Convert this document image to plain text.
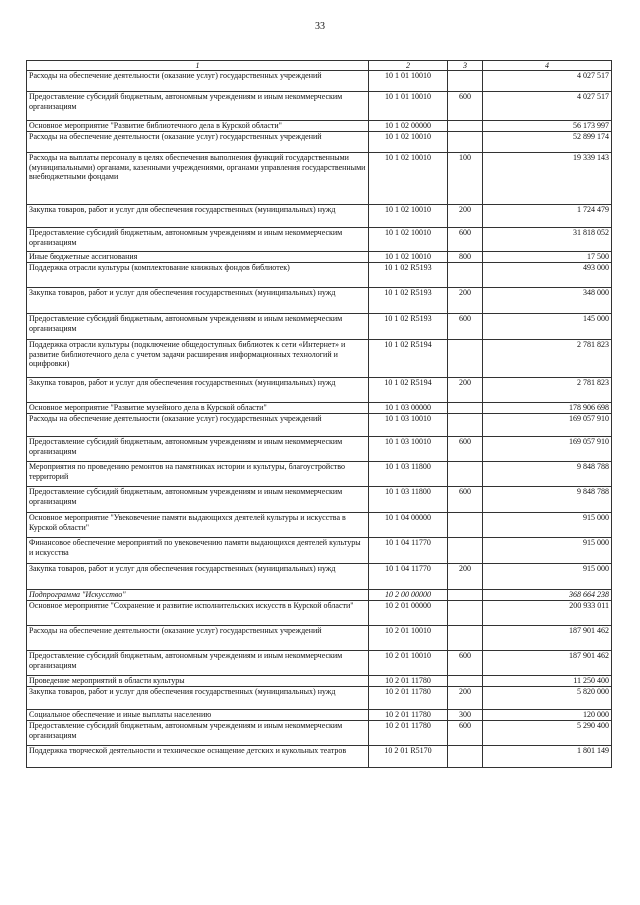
33
1	2	3	4
Расходы на обеспечение деятельности (оказание услуг) государственных учреждений	10 1 01 10010		4 027 517
Предоставление субсидий бюджетным, автономным учреждениям и иным некоммерческим организациям	10 1 01 10010	600	4 027 517
Основное мероприятие "Развитие библиотечного дела в Курской области"	10 1 02 00000		56 173 997
Расходы на обеспечение деятельности (оказание услуг) государственных учреждений	10 1 02 10010		52 899 174
Расходы на выплаты персоналу в целях обеспечения выполнения функций государственными (муниципальными) органами, казенными учреждениями, органами управления государственными внебюджетными фондами	10 1 02 10010	100	19 339 143
Закупка товаров, работ и услуг для обеспечения государственных (муниципальных) нужд	10 1 02 10010	200	1 724 479
Предоставление субсидий бюджетным, автономным учреждениям и иным некоммерческим организациям	10 1 02 10010	600	31 818 052
Иные бюджетные ассигнования	10 1 02 10010	800	17 500
Поддержка отрасли культуры (комплектование книжных фондов библиотек)	10 1 02 R5193		493 000
Закупка товаров, работ и услуг для обеспечения государственных (муниципальных) нужд	10 1 02 R5193	200	348 000
Предоставление субсидий бюджетным, автономным учреждениям и иным некоммерческим организациям	10 1 02 R5193	600	145 000
Поддержка отрасли культуры (подключение общедоступных библиотек к сети «Интернет» и развитие библиотечного дела с учетом задачи расширения информационных технологий и оцифровки)	10 1 02 R5194		2 781 823
Закупка товаров, работ и услуг для обеспечения государственных (муниципальных) нужд	10 1 02 R5194	200	2 781 823
Основное мероприятие "Развитие музейного дела в Курской области"	10 1 03 00000		178 906 698
Расходы на обеспечение деятельности (оказание услуг) государственных учреждений	10 1 03 10010		169 057 910
Предоставление субсидий бюджетным, автономным учреждениям и иным некоммерческим организациям	10 1 03 10010	600	169 057 910
Мероприятия по проведению ремонтов на памятниках истории и культуры, благоустройство территорий	10 1 03 11800		9 848 788
Предоставление субсидий бюджетным, автономным учреждениям и иным некоммерческим организациям	10 1 03 11800	600	9 848 788
Основное мероприятие "Увековечение памяти выдающихся деятелей культуры и искусства в Курской области"	10 1 04 00000		915 000
Финансовое обеспечение мероприятий по увековечению памяти выдающихся деятелей культуры и искусства	10 1 04 11770		915 000
Закупка товаров, работ и услуг для обеспечения государственных (муниципальных) нужд	10 1 04 11770	200	915 000
Подпрограмма "Искусство"	10 2 00 00000		368 664 238
Основное мероприятие "Сохранение и развитие исполнительских искусств в Курской области"	10 2 01 00000		200 933 011
Расходы на обеспечение деятельности (оказание услуг) государственных учреждений	10 2 01 10010		187 901 462
Предоставление субсидий бюджетным, автономным учреждениям и иным некоммерческим организациям	10 2 01 10010	600	187 901 462
Проведение мероприятий в области культуры	10 2 01 11780		11 250 400
Закупка товаров, работ и услуг для обеспечения государственных (муниципальных) нужд	10 2 01 11780	200	5 820 000
Социальное обеспечение и иные выплаты населению	10 2 01 11780	300	120 000
Предоставление субсидий бюджетным, автономным учреждениям и иным некоммерческим организациям	10 2 01 11780	600	5 290 400
Поддержка творческой деятельности и техническое оснащение детских и кукольных театров	10 2 01 R5170		1 801 149
